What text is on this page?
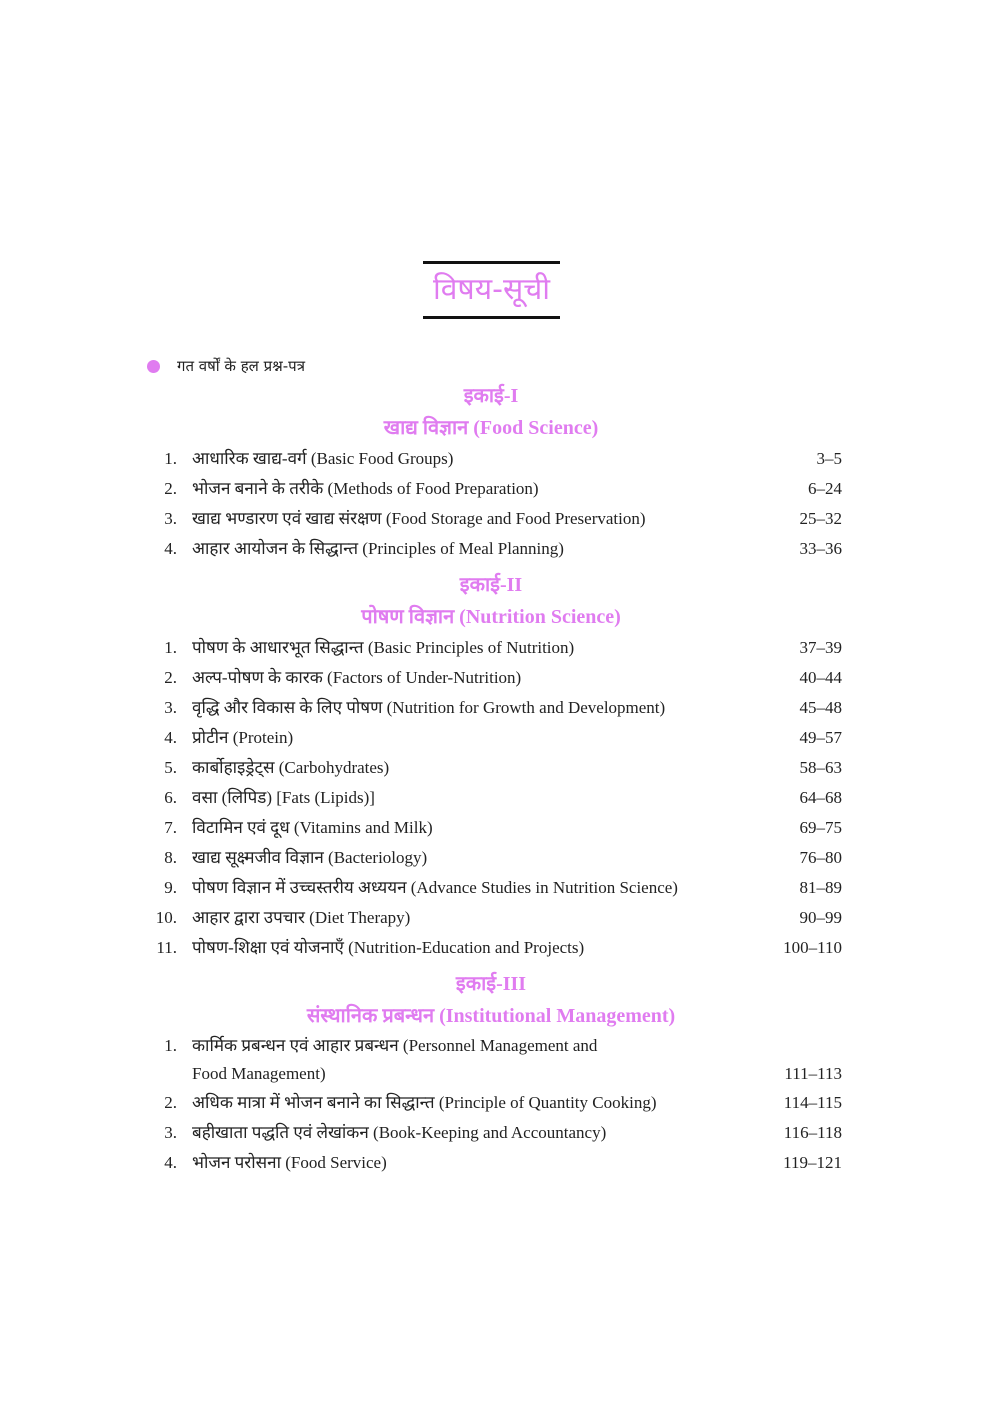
विषय-सूची
गत वर्षों के हल प्रश्न-पत्र
इकाई-I
खाद्य विज्ञान (Food Science)
1. आधारिक खाद्य-वर्ग (Basic Food Groups)	3–5
2. भोजन बनाने के तरीके (Methods of Food Preparation)	6–24
3. खाद्य भण्डारण एवं खाद्य संरक्षण (Food Storage and Food Preservation)	25–32
4. आहार आयोजन के सिद्धान्त (Principles of Meal Planning)	33–36
इकाई-II
पोषण विज्ञान (Nutrition Science)
1. पोषण के आधारभूत सिद्धान्त (Basic Principles of Nutrition)	37–39
2. अल्प-पोषण के कारक (Factors of Under-Nutrition)	40–44
3. वृद्धि और विकास के लिए पोषण (Nutrition for Growth and Development)	45–48
4. प्रोटीन (Protein)	49–57
5. कार्बोहाइड्रेट्स (Carbohydrates)	58–63
6. वसा (लिपिड) [Fats (Lipids)]	64–68
7. विटामिन एवं दूध (Vitamins and Milk)	69–75
8. खाद्य सूक्ष्मजीव विज्ञान (Bacteriology)	76–80
9. पोषण विज्ञान में उच्चस्तरीय अध्ययन (Advance Studies in Nutrition Science)	81–89
10. आहार द्वारा उपचार (Diet Therapy)	90–99
11. पोषण-शिक्षा एवं योजनाएँ (Nutrition-Education and Projects)	100–110
इकाई-III
संस्थानिक प्रबन्धन (Institutional Management)
1. कार्मिक प्रबन्धन एवं आहार प्रबन्धन (Personnel Management and
Food Management)	111–113
2. अधिक मात्रा में भोजन बनाने का सिद्धान्त (Principle of Quantity Cooking)	114–115
3. बहीखाता पद्धति एवं लेखांकन (Book-Keeping and Accountancy)	116–118
4. भोजन परोसना (Food Service)	119–121
